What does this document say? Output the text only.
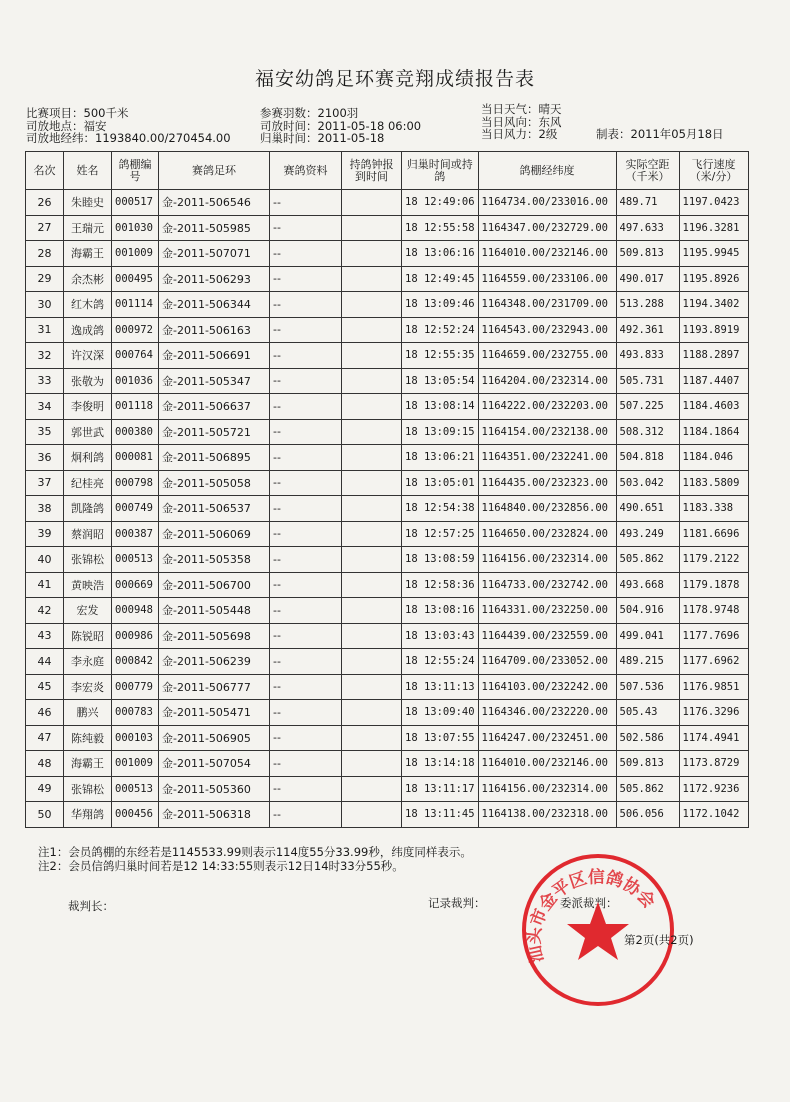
福安幼鸽足环赛竞翔成绩报告表
比赛项目：500千米
司放地点：福安
司放地经纬：1193840.00/270454.00
参赛羽数：2100羽
司放时间：2011-05-18 06:00
归巢时间：2011-05-18
当日天气：晴天
当日风向：东风
当日风力：2级	制表：2011年05月18日
名次	姓名	鸽棚编号	赛鸽足环	赛鸽资料	持鸽钟报到时间	归巢时间或持鸽	鸽棚经纬度	实际空距（千米）	飞行速度（米/分）
26	朱睦史	000517	金-2011-506546	--		18 12:49:06	1164734.00/233016.00	489.71	1197.0423
27	王瑞元	001030	金-2011-505985	--		18 12:55:58	1164347.00/232729.00	497.633	1196.3281
28	海霸王	001009	金-2011-507071	--		18 13:06:16	1164010.00/232146.00	509.813	1195.9945
29	余杰彬	000495	金-2011-506293	--		18 12:49:45	1164559.00/233106.00	490.017	1195.8926
30	红木鸽	001114	金-2011-506344	--		18 13:09:46	1164348.00/231709.00	513.288	1194.3402
31	逸成鸽	000972	金-2011-506163	--		18 12:52:24	1164543.00/232943.00	492.361	1193.8919
32	许汉深	000764	金-2011-506691	--		18 12:55:35	1164659.00/232755.00	493.833	1188.2897
33	张敬为	001036	金-2011-505347	--		18 13:05:54	1164204.00/232314.00	505.731	1187.4407
34	李俊明	001118	金-2011-506637	--		18 13:08:14	1164222.00/232203.00	507.225	1184.4603
35	郭世武	000380	金-2011-505721	--		18 13:09:15	1164154.00/232138.00	508.312	1184.1864
36	炯利鸽	000081	金-2011-506895	--		18 13:06:21	1164351.00/232241.00	504.818	1184.046
37	纪桂亮	000798	金-2011-505058	--		18 13:05:01	1164435.00/232323.00	503.042	1183.5809
38	凯隆鸽	000749	金-2011-506537	--		18 12:54:38	1164840.00/232856.00	490.651	1183.338
39	蔡润昭	000387	金-2011-506069	--		18 12:57:25	1164650.00/232824.00	493.249	1181.6696
40	张锦松	000513	金-2011-505358	--		18 13:08:59	1164156.00/232314.00	505.862	1179.2122
41	黄映浩	000669	金-2011-506700	--		18 12:58:36	1164733.00/232742.00	493.668	1179.1878
42	宏发	000948	金-2011-505448	--		18 13:08:16	1164331.00/232250.00	504.916	1178.9748
43	陈锐昭	000986	金-2011-505698	--		18 13:03:43	1164439.00/232559.00	499.041	1177.7696
44	李永庭	000842	金-2011-506239	--		18 12:55:24	1164709.00/233052.00	489.215	1177.6962
45	李宏炎	000779	金-2011-506777	--		18 13:11:13	1164103.00/232242.00	507.536	1176.9851
46	鹏兴	000783	金-2011-505471	--		18 13:09:40	1164346.00/232220.00	505.43	1176.3296
47	陈纯毅	000103	金-2011-506905	--		18 13:07:55	1164247.00/232451.00	502.586	1174.4941
48	海霸王	001009	金-2011-507054	--		18 13:14:18	1164010.00/232146.00	509.813	1173.8729
49	张锦松	000513	金-2011-505360	--		18 13:11:17	1164156.00/232314.00	505.862	1172.9236
50	华翔鸽	000456	金-2011-506318	--		18 13:11:45	1164138.00/232318.00	506.056	1172.1042
注1：会员鸽棚的东经若是1145533.99则表示114度55分33.99秒，纬度同样表示。
注2：会员信鸽归巢时间若是12 14:33:55则表示12日14时33分55秒。
裁判长：	记录裁判：	委派裁判：
汕头市金平区信鸽协会
第2页(共2页)
